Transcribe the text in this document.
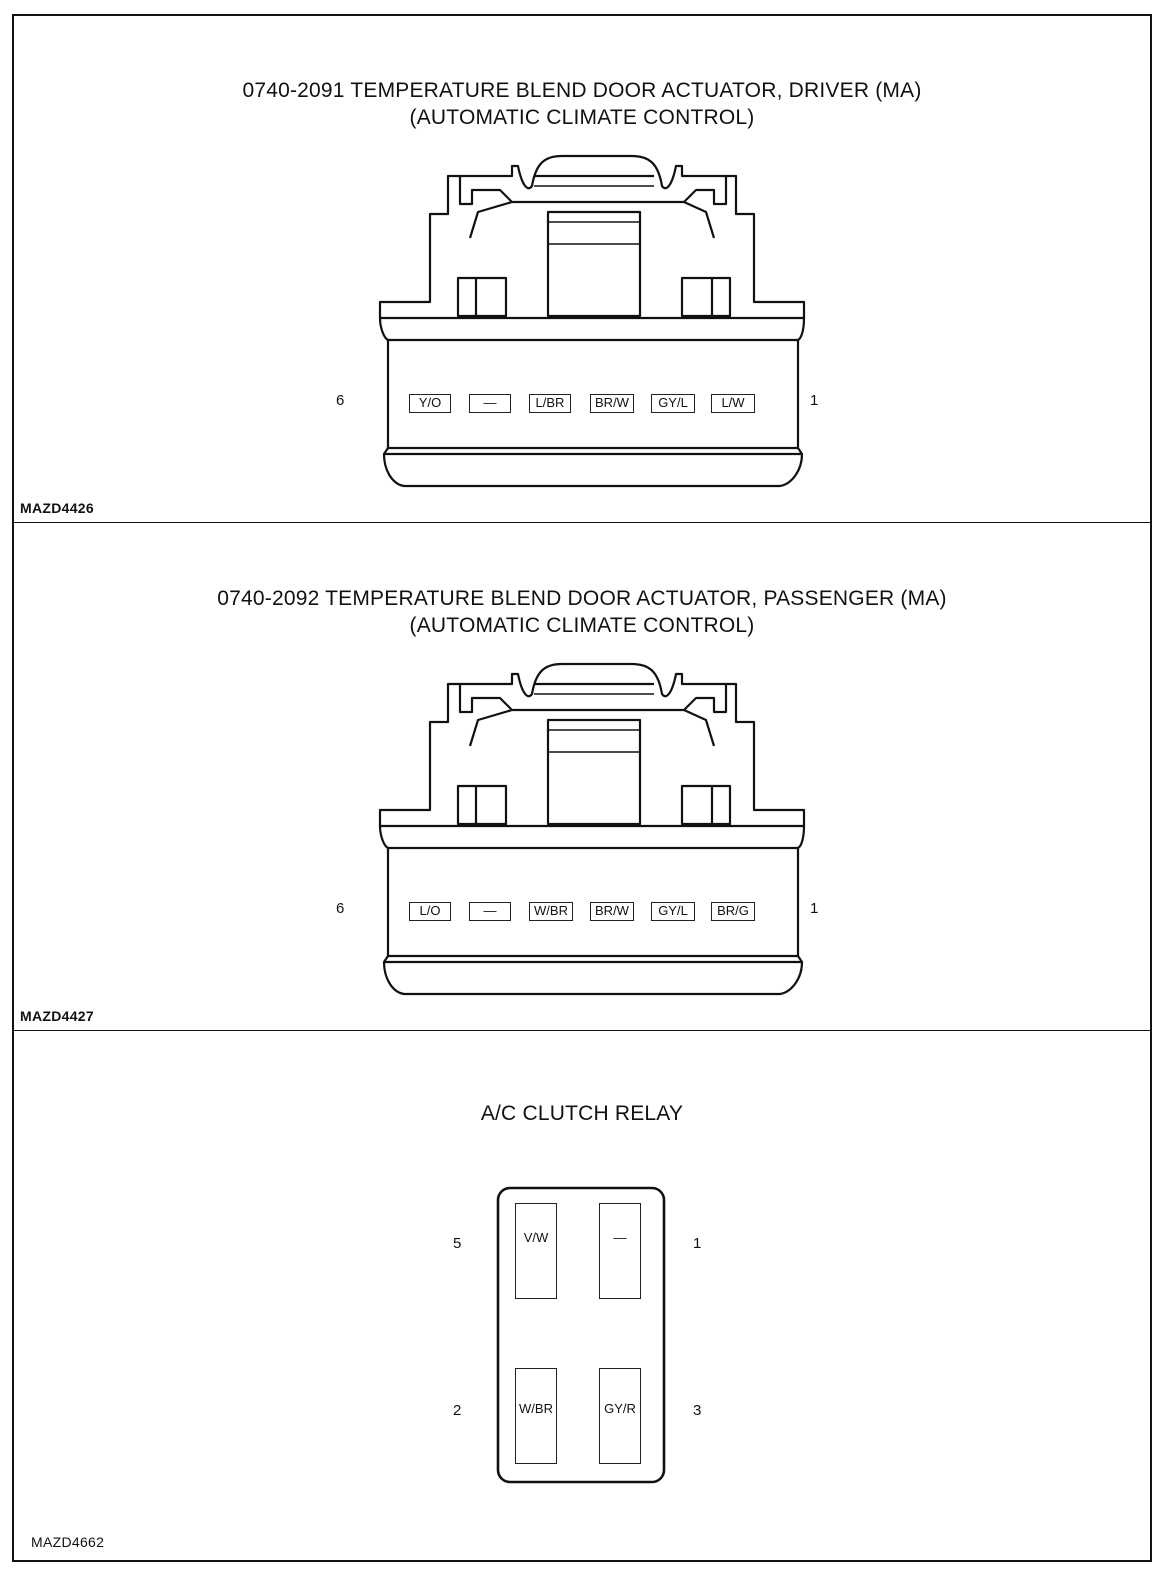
0740-2091 TEMPERATURE BLEND DOOR ACTUATOR, DRIVER (MA)
(AUTOMATIC CLIMATE CONTROL)
6	1
Y/O	—	L/BR	BR/W	GY/L	L/W
MAZD4426
0740-2092 TEMPERATURE BLEND DOOR ACTUATOR, PASSENGER (MA)
(AUTOMATIC CLIMATE CONTROL)
6	1
L/O	—	W/BR	BR/W	GY/L	BR/G
MAZD4427
A/C CLUTCH RELAY
V/W	—
W/BR	GY/R
5	1
2	3
MAZD4662
